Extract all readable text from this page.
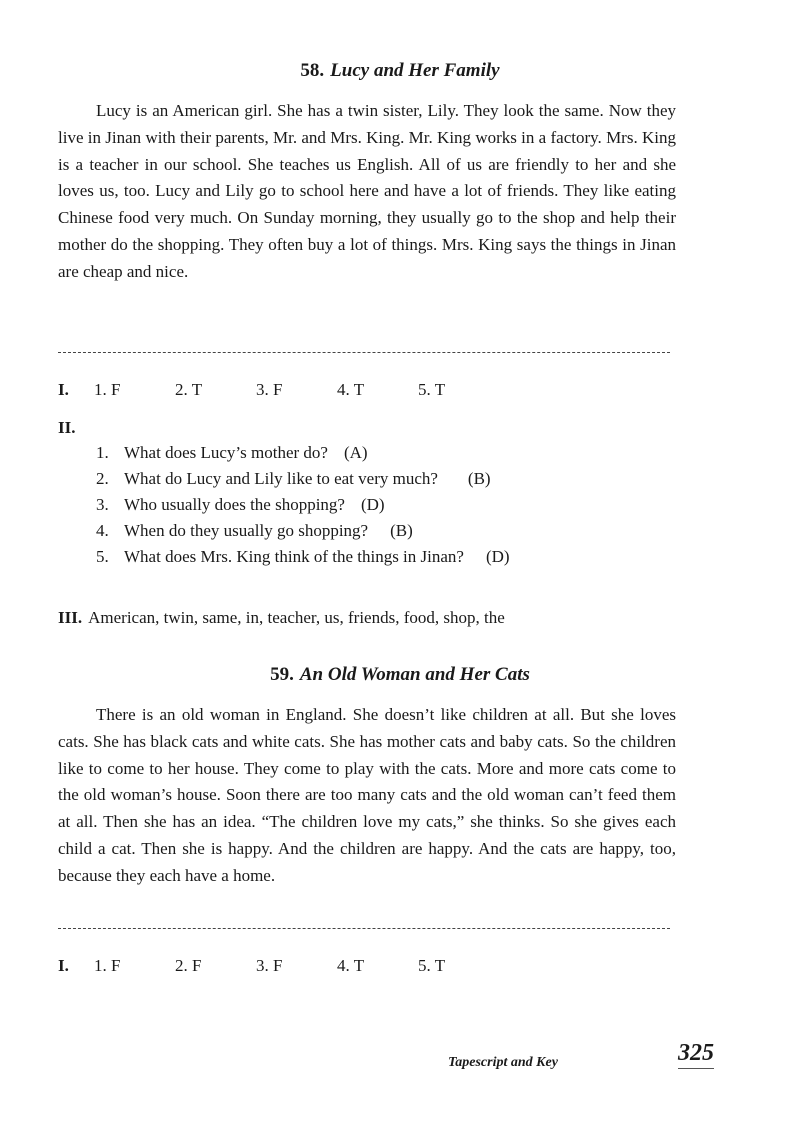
58. Lucy and Her Family

Lucy is an American girl. She has a twin sister, Lily. They look the same. Now they live in Jinan with their parents, Mr. and Mrs. King. Mr. King works in a factory. Mrs. King is a teacher in our school. She teaches us English. All of us are friendly to her and she loves us, too. Lucy and Lily go to school here and have a lot of friends. They like eating Chinese food very much. On Sunday morning, they usually go to the shop and help their mother do the shopping. They often buy a lot of things. Mrs. King says the things in Jinan are cheap and nice.

I.	1. F	2. T	3. F	4. T	5. T
II.
1. What does Lucy’s mother do? (A)
2. What do Lucy and Lily like to eat very much? (B)
3. Who usually does the shopping? (D)
4. When do they usually go shopping? (B)
5. What does Mrs. King think of the things in Jinan? (D)
III. American, twin, same, in, teacher, us, friends, food, shop, the
59. An Old Woman and Her Cats

There is an old woman in England. She doesn’t like children at all. But she loves cats. She has black cats and white cats. She has mother cats and baby cats. So the children like to come to her house. They come to play with the cats. More and more cats come to the old woman’s house. Soon there are too many cats and the old woman can’t feed them at all. Then she has an idea. “The children love my cats,” she thinks. So she gives each child a cat. Then she is happy. And the children are happy. And the cats are happy, too, because they each have a home.

I.	1. F	2. F	3. F	4. T	5. T
Tapescript and Key	325
